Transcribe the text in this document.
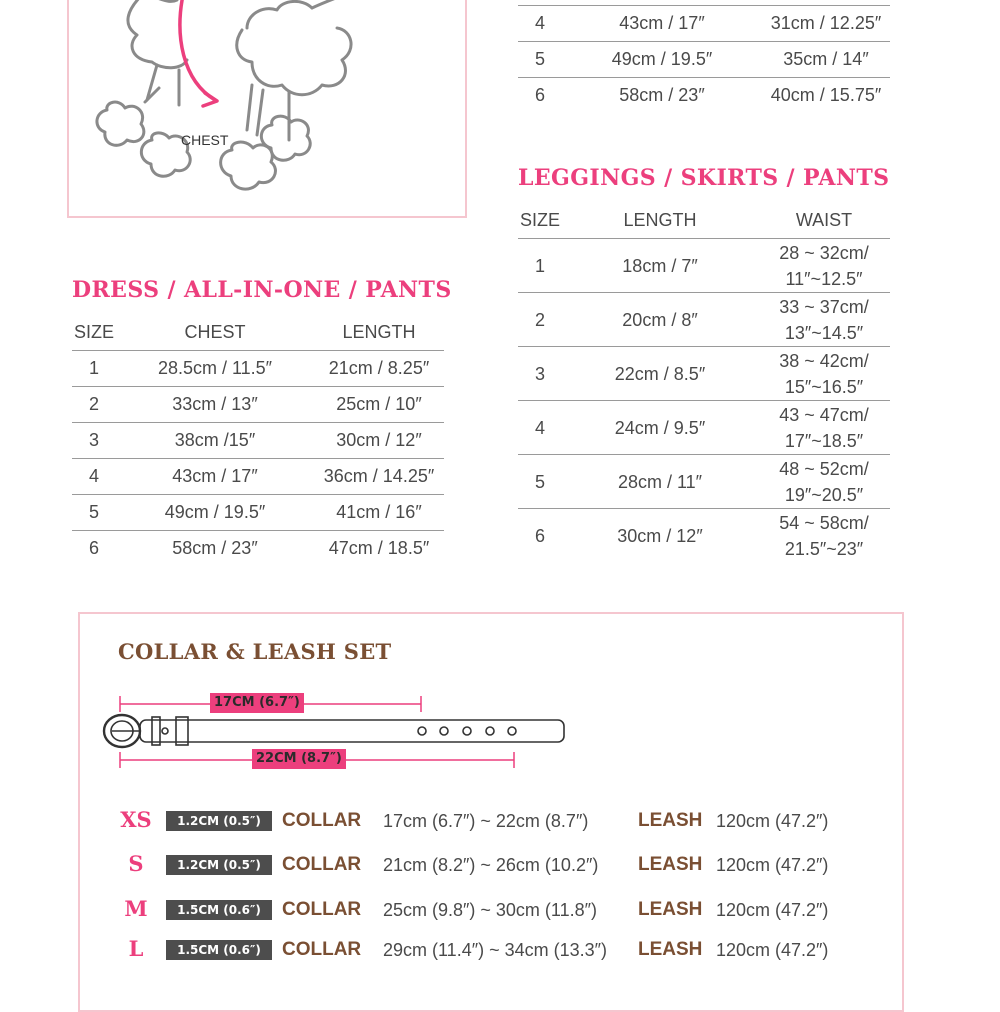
CHEST
4	43cm / 17″	31cm / 12.25″
5	49cm / 19.5″	35cm / 14″
6	58cm / 23″	40cm / 15.75″
DRESS / ALL-IN-ONE / PANTS
SIZE	CHEST	LENGTH
1	28.5cm / 11.5″	21cm / 8.25″
2	33cm / 13″	25cm / 10″
3	38cm /15″	30cm / 12″
4	43cm / 17″	36cm / 14.25″
5	49cm / 19.5″	41cm / 16″
6	58cm / 23″	47cm / 18.5″
LEGGINGS / SKIRTS / PANTS
SIZE	LENGTH	WAIST
1	18cm / 7″	28 ~ 32cm/
11″~12.5″
2	20cm / 8″	33 ~ 37cm/
13″~14.5″
3	22cm / 8.5″	38 ~ 42cm/
15″~16.5″
4	24cm / 9.5″	43 ~ 47cm/
17″~18.5″
5	28cm / 11″	48 ~ 52cm/
19″~20.5″
6	30cm / 12″	54 ~ 58cm/
21.5″~23″
COLLAR & LEASH SET
17CM (6.7″)
22CM (8.7″)
XS	1.2CM (0.5″)	COLLAR 17cm (6.7″) ~ 22cm (8.7″)	LEASH 120cm (47.2″)
S	1.2CM (0.5″)	COLLAR 21cm (8.2″) ~ 26cm (10.2″) LEASH 120cm (47.2″)
M	1.5CM (0.6″)	COLLAR 25cm (9.8″) ~ 30cm (11.8″) LEASH 120cm (47.2″)
L	1.5CM (0.6″)	COLLAR 29cm (11.4″) ~ 34cm (13.3″) LEASH 120cm (47.2″)
